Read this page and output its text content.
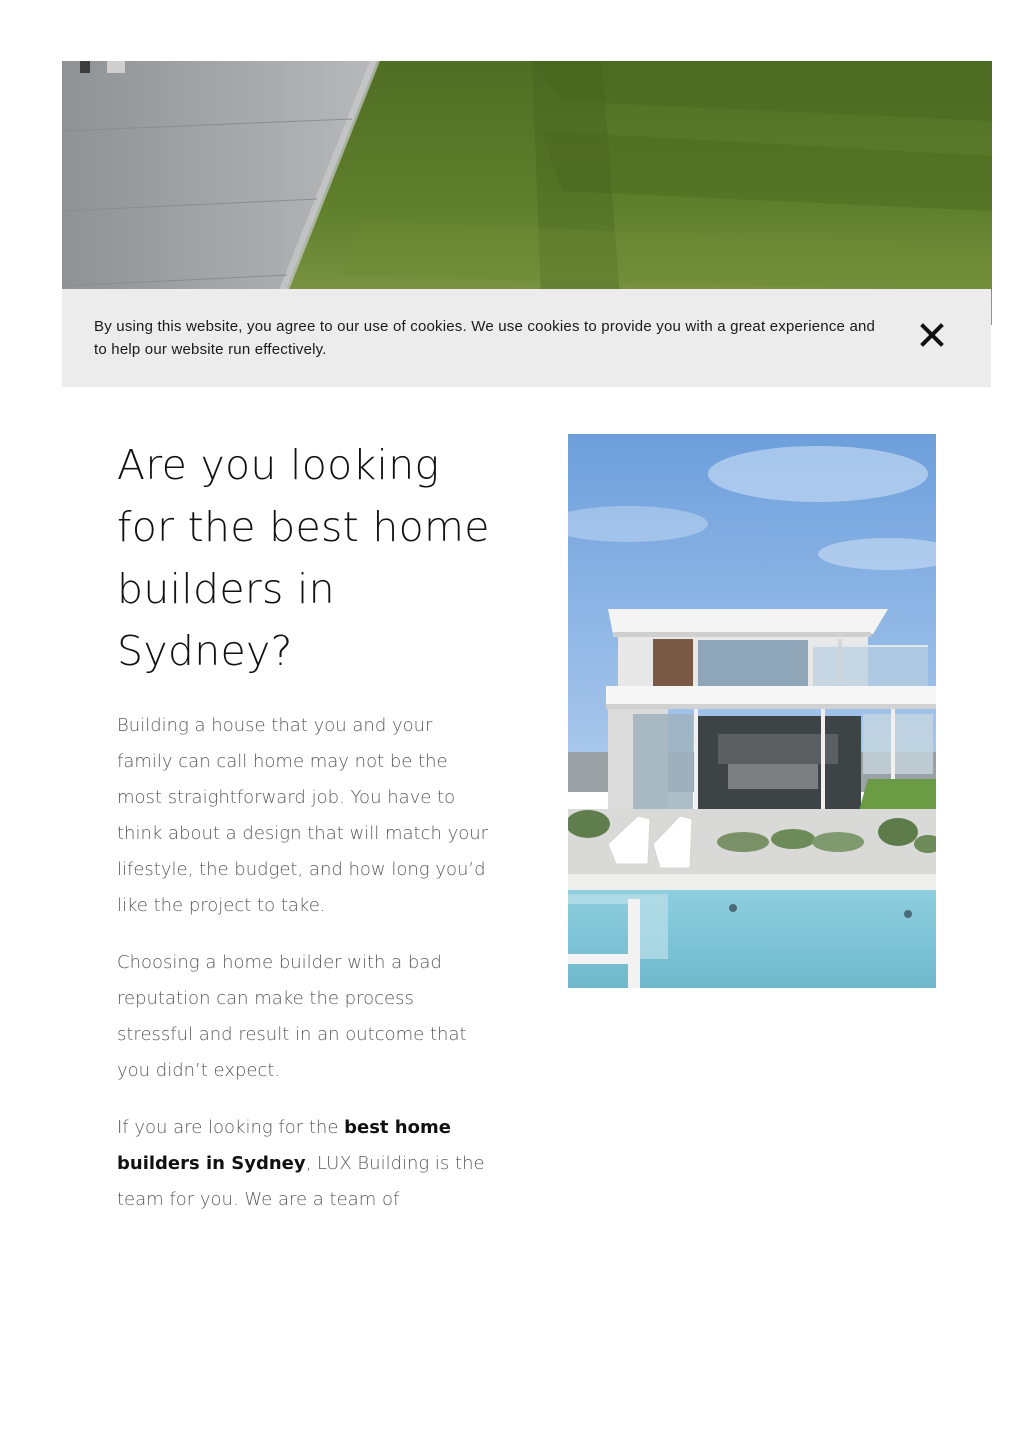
By using this website, you agree to our use of cookies. We use cookies to provide you with a great experience and to help our website run effectively.

Are you looking for the best home builders in Sydney?

Building a house that you and your family can call home may not be the most straightforward job. You have to think about a design that will match your lifestyle, the budget, and how long you’d like the project to take.

Choosing a home builder with a bad reputation can make the process stressful and result in an outcome that you didn’t expect.

If you are looking for the best home builders in Sydney, LUX Building is the team for you. We are a team of
